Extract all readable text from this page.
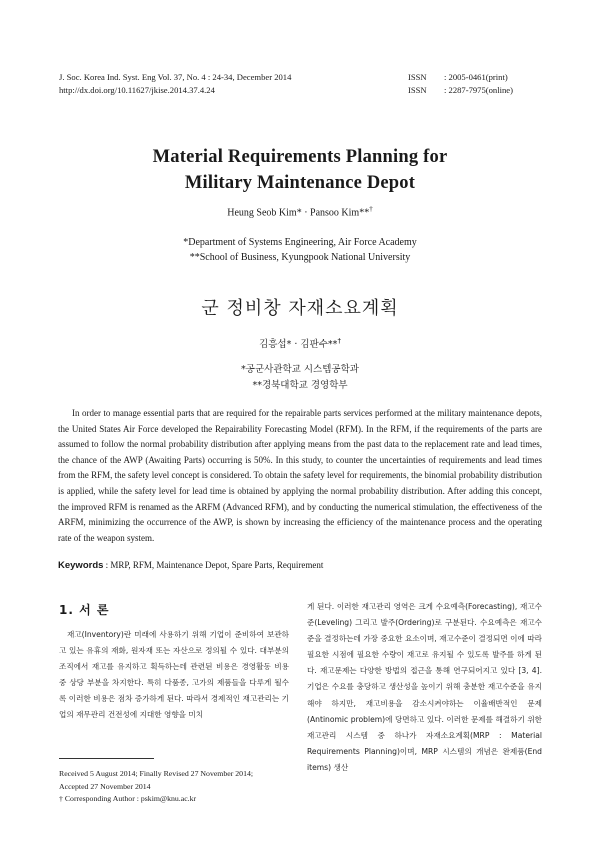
J. Soc. Korea Ind. Syst. Eng Vol. 37, No. 4 : 24-34, December 2014
http://dx.doi.org/10.11627/jkise.2014.37.4.24
ISSN	: 2005-0461(print)
ISSN	: 2287-7975(online)
Material Requirements Planning for
Military Maintenance Depot
Heung Seob Kim* · Pansoo Kim**†
*Department of Systems Engineering, Air Force Academy
**School of Business, Kyungpook National University
군 정비창 자재소요계획
김흥섭* · 김판수**†
*공군사관학교 시스템공학과
**경북대학교 경영학부

In order to manage essential parts that are required for the repairable parts services performed at the military maintenance depots, the United States Air Force developed the Repairability Forecasting Model (RFM). In the RFM, if the requirements of the parts are assumed to follow the normal probability distribution after applying means from the past data to the replacement rate and lead times, the chance of the AWP (Awaiting Parts) occurring is 50%. In this study, to counter the uncertainties of requirements and lead times from the RFM, the safety level concept is considered. To obtain the safety level for requirements, the binomial probability distribution is applied, while the safety level for lead time is obtained by applying the normal probability distribution. After adding this concept, the improved RFM is renamed as the ARFM (Advanced RFM), and by conducting the numerical stimulation, the effectiveness of the ARFM, minimizing the occurrence of the AWP, is shown by increasing the efficiency of the maintenance process and the operating rate of the weapon system.

Keywords : MRP, RFM, Maintenance Depot, Spare Parts, Requirement
1. 서 론

재고(Inventory)란 미래에 사용하기 위해 기업이 준비하여 보관하고 있는 유휴의 재화, 원자재 또는 자산으로 정의될 수 있다. 대부분의 조직에서 재고를 유지하고 획득하는데 관련된 비용은 경영활동 비용 중 상당 부분을 차지한다. 특히 다품종, 고가의 제품들을 다루게 될수록 이러한 비용은 점차 증가하게 된다. 따라서 경제적인 재고관리는 기업의 재무관리 건전성에 지대한 영향을 미치

게 된다. 이러한 재고관리 영역은 크게 수요예측(Forecasting), 재고수준(Leveling) 그리고 발주(Ordering)로 구분된다. 수요예측은 재고수준을 결정하는데 가장 중요한 요소이며, 재고수준이 결정되면 이에 따라 필요한 시점에 필요한 수량이 재고로 유지될 수 있도록 발주를 하게 된다. 재고문제는 다양한 방법의 접근을 통해 연구되어지고 있다 [3, 4]. 기업은 수요를 충당하고 생산성을 높이기 위해 충분한 재고수준을 유지해야 하지만, 재고비용을 감소시켜야하는 이율배반적인 문제(Antinomic problem)에 당면하고 있다. 이러한 문제를 해결하기 위한 재고관리 시스템 중 하나가 자재소요계획(MRP : Material Requirements Planning)이며, MRP 시스템의 개념은 완제품(End items) 생산

Received 5 August 2014; Finally Revised 27 November 2014;
Accepted 27 November 2014
† Corresponding Author : pskim@knu.ac.kr
